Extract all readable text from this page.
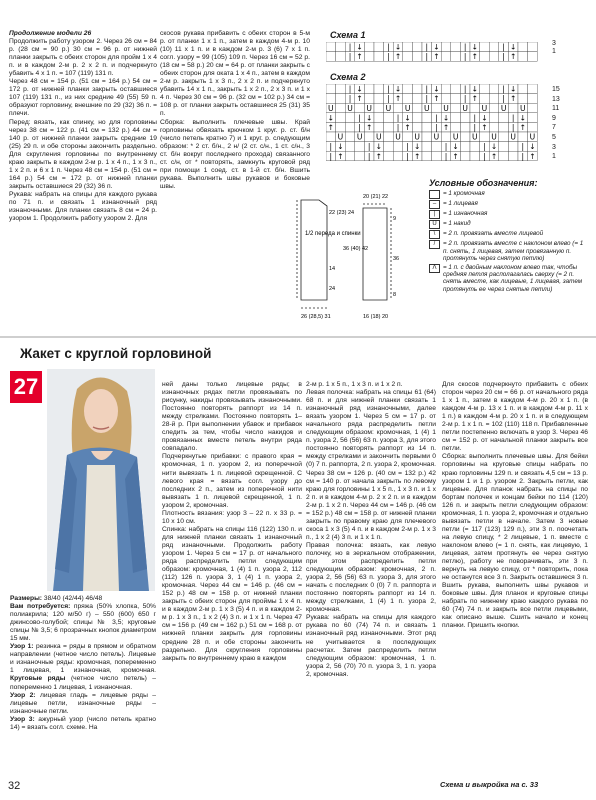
Продолжение модели 26

Продолжить работу узором 2. Через 26 см = 84 р. (28 см = 90 р.) 30 см = 96 р. от нижней планки закрыть с обеих сторон для пройм 1 х 4 п. и в каждом 2-м р. 2 х 2 п. и подчеркнуто убавить 4 х 1 п. = 107 (119) 131 п.

Через 48 см = 154 р. (51 см = 164 р.) 54 см = 172 р. от нижней планки закрыть оставшиеся 107 (119) 131 п., из них средние 49 (55) 59 п. образуют горловину, внешние по 29 (32) 36 п. = плечи.

Перед: вязать, как спинку, но для горловины через 38 см = 122 р. (41 см = 132 р.) 44 см = 140 р. от нижней планки закрыть средние 19 (25) 29 п. и обе стороны закончить раздельно. Для скругления горловины по внутреннему краю закрыть в каждом 2-м р. 1 х 4 п., 1 х 3 п., 1 х 2 п. и 6 х 1 п. Через 48 см = 154 р. (51 см = 164 р.) 54 см = 172 р. от нижней планки закрыть оставшиеся 29 (32) 36 п.

Рукава: набрать на спицы для каждого рукава по 71 п. и связать 1 изнаночный ряд изнаночными. Для планки связать 8 см = 24 р. узором 1. Продолжить работу узором 2. Для

скосов рукава прибавить с обеих сторон в 5-м р. от планки 1 х 1 п., затем в каждом 4-м р. 10 (10) 11 х 1 п. и в каждом 2-м р. 3 (6) 7 х 1 п. согл. узору = 99 (105) 109 п. Через 16 см = 52 р. (18 см = 58 р.) 20 см = 64 р. от планки закрыть с обеих сторон для оката 1 х 4 п., затем в каждом 2-м р. закрыть 1 х 3 п., 2 х 2 п. и подчеркнуто убавить 14 х 1 п., закрыть 1 х 2 п., 2 х 3 п. и 1 х 4 п. Через 30 см = 96 р. (32 см = 102 р.) 34 см = 108 р. от планки закрыть оставшиеся 25 (31) 35 п.

Сборка: выполнить плечевые швы. Край горловины обвязать крючком 1 круг. р. ст. б/н (число петель кратно 7) и 1 круг. р. следующим образом: * 2 ст. б/н., 2 н/ (2 ст. с/н., 1 ст. с/н., 3 ст. б/н вокруг последнего прохода) связанного ст. с/н, от * повторять, замкнуть круговой ряд при помощи 1 соед. ст. в 1-й ст. б/н. Вшить рукава. Выполнить швы рукавов и боковые швы.

Схема 1
| ↓	| ↓	| ↓	| ↓	| ↓
| ↑	| ↑	| ↑	| ↑	| ↑
3
1
Схема 2
| ↓	| ↓	| ↓	| ↓	| ↓
| ↑	| ↑	| ↑	| ↑	| ↑
U U U U U U U U U U U
↓	| ↓	| ↓	| ↓	| ↓	| ↓
↑	| ↑	| ↑	| ↑	| ↑	| ↑
U U U U U U U U U U U
| ↓	| ↓	| ↓	| ↓	| ↓	| ↓
| ↑	| ↑	| ↑	| ↑	| ↑	| ↑
15
13
11
9
7
5
3
1
1/2 переда и спинки
22 (23) 24
26 (28,5) 31
20 (21) 22
36 (40) 42
9
36
14
16 (18) 20
24
8
Условные обозначения:
= 1 кромочная
–	= 1 лицевая
|	= 1 изнаночная
U	= 1 накид
\	= 2 п. провязать вместе лицевой
/	= 2 п. провязать вместе с наклоном влево (= 1 п. снять, 1 лицевая, затем провязанную п. протянуть через снятую петлю)
Λ	= 1 п. с двойным наклоном влево так, чтобы средняя петля располагалась сверху (= 2 п. снять вместе, как лицевые, 1 лицевая, затем протянуть ее через снятые петли)
Жакет с круглой горловиной
27

Размеры: 38/40 (42/44) 46/48

Вам потребуется: пряжа (50% хлопка, 50% полиакрила; 120 м/50 г) – 550 (600) 650 г джинсово-голубой; спицы № 3,5; круговые спицы № 3,5; 6 прозрачных кнопок диаметром 15 мм.

Узор 1: резинка = ряды в прямом и обратном направлении (четное число петель). Лицевые и изнаночные ряды: кромочная, попеременно 1 лицевая, 1 изнаночная, кромочная. Круговые ряды (четное число петель) – попеременно 1 лицевая, 1 изнаночная.

Узор 2: лицевая гладь = лицевые ряды – лицевые петли, изнаночные ряды – изнаночные петли.

Узор 3: ажурный узор (число петель кратно 14) = вязать согл. схеме. На

ней даны только лицевые ряды; в изнаночных рядах петли провязывать по рисунку, накиды провязывать изнаночными. Постоянно повторять раппорт из 14 п. между стрелками. Постоянно повторять 1–28-й р. При выполнении убавок и прибавок следить за тем, чтобы число накидов и провязанных вместе петель внутри ряда совпадало.

Подчеркнутые прибавки: с правого края = кромочная, 1 п. узором 2, из поперечной нити вывязать 1 п. лицевой скрещенной. С левого края = вязать согл. узору до последних 2 п., затем из поперечной нити вывязать 1 п. лицевой скрещенной, 1 п. узором 2, кромочная.

Плотность вязания: узор 3 – 22 п. x 33 р. = 10 х 10 см.

Спинка: набрать на спицы 116 (122) 130 п. и для нижней планки связать 1 изнаночный ряд изнаночными. Продолжить работу узором 1. Через 5 см = 17 р. от начального ряда распределить петли следующим образом: кромочная, 1 (4) 1 п. узора 2, 112 (112) 126 п. узора 3, 1 (4) 1 п. узора 2, кромочная. Через 44 см = 146 р. (46 см = 152 р.) 48 см = 158 р. от нижней планки закрыть с обеих сторон для проймы 1 х 4 п. и в каждом 2-м р. 1 х 3 (5) 4 п. и в каждом 2-м р. 1 х 3 п., 1 х 2 (4) 3 п. и 1 х 1 п. Через 47 см = 156 р. (49 см = 162 р.) 51 см = 168 р. от нижней планки закрыть для горловины средние 28 п. и обе стороны закончить раздельно. Для скругления горловины закрыть по внутреннему краю в каждом

2-м р. 1 х 5 п., 1 х 3 п. и 1 х 2 п.

Левая полочка: набрать на спицы 61 (64) 68 п. и для нижней планки связать 1 изнаночный ряд изнаночными, далее вязать узором 1. Через 5 см = 17 р. от начального ряда распределить петли следующим образом: кромочная, 1 (4) 1 п. узора 2, 56 (56) 63 п. узора 3, для этого постоянно повторять раппорт из 14 п. между стрелками и закончить первыми 0 (0) 7 п. раппорта, 2 п. узора 2, кромочная. Через 38 см = 126 р. (40 см = 132 р.) 42 см = 140 р. от начала закрыть по левому краю для горловины 1 х 5 п., 1 х 3 п. и 1 х 2 п. и в каждом 4-м р. 2 х 2 п. и в каждом 2-м р. 1 х 2 п. Через 44 см = 146 р. (46 см = 152 р.) 48 см = 158 р. от нижней планки закрыть по правому краю для плечевого скоса 1 х 3 (5) 4 п. и в каждом 2-м р. 1 х 3 п., 1 х 2 (4) 3 п. и 1 х 1 п.

Правая полочка: вязать, как левую полочку, но в зеркальном отображении, при этом распределить петли следующим образом: кромочная, 2 п. узора 2, 56 (56) 63 п. узора 3, для этого начать с последних 0 (0) 7 п. раппорта и постоянно повторять раппорт из 14 п. между стрелками, 1 (4) 1 п. узора 2, кромочная.

Рукава: набрать на спицы для каждого рукава по 60 (74) 74 п. и связать 1 изнаночный ряд изнаночными. Этот ряд не учитывается в последующих расчетах. Затем распределить петли следующим образом: кромочная, 1 п. узора 2, 56 (70) 70 п. узора 3, 1 п. узора 2, кромочная.

Для скосов подчеркнуто прибавить с обеих сторон через 20 см = 66 р. от начального ряда 1 х 1 п., затем в каждом 4-м р. 20 х 1 п. (в каждом 4-м р. 13 х 1 п. и в каждом 4-м р. 11 х 1 п.) в каждом 4-м р. 20 х 1 п. и в следующем 2-м р. 1 х 1 п. = 102 (110) 118 п. Прибавленные петли постепенно включать в узор 3. Через 46 см = 152 р. от начальной планки закрыть все петли.

Сборка: выполнить плечевые швы. Для бейки горловины на круговые спицы набрать по краю горловины 129 п. и связать 4,5 см = 13 р. узором 1 и 1 р. узором 2. Закрыть петли, как лицевые. Для планок набрать на спицы по бортам полочек и концам бейки по 114 (120) 126 п. и закрыть петли следующим образом: кромочная, 1 п. узора 2, кромочная и отдельно вывязать петли в начале. Затем 3 новые петли (= 117 (123) 129 п.), эти 3 п. поочетать на левую спицу, * 2 лицевые, 1 п. вместе с наклоном влево (= 1 п. снять, как лицевую, 1 лицевая, затем протянуть ее через снятую петлю), работу не поворачивать, эти 3 п. вернуть на левую спицу, от * повторить, пока не останутся все 3 п. Закрыть оставшиеся 3 п. Вшить рукава, выполнить швы рукавов и боковые швы. Для планок и круговые спицы набрать по нижнему краю каждого рукава по 60 (74) 74 п. и закрыть все петли лицевыми, как описано выше. Сшить начало и конец планки. Пришить кнопки.

32	Схема и выкройка на с. 33
